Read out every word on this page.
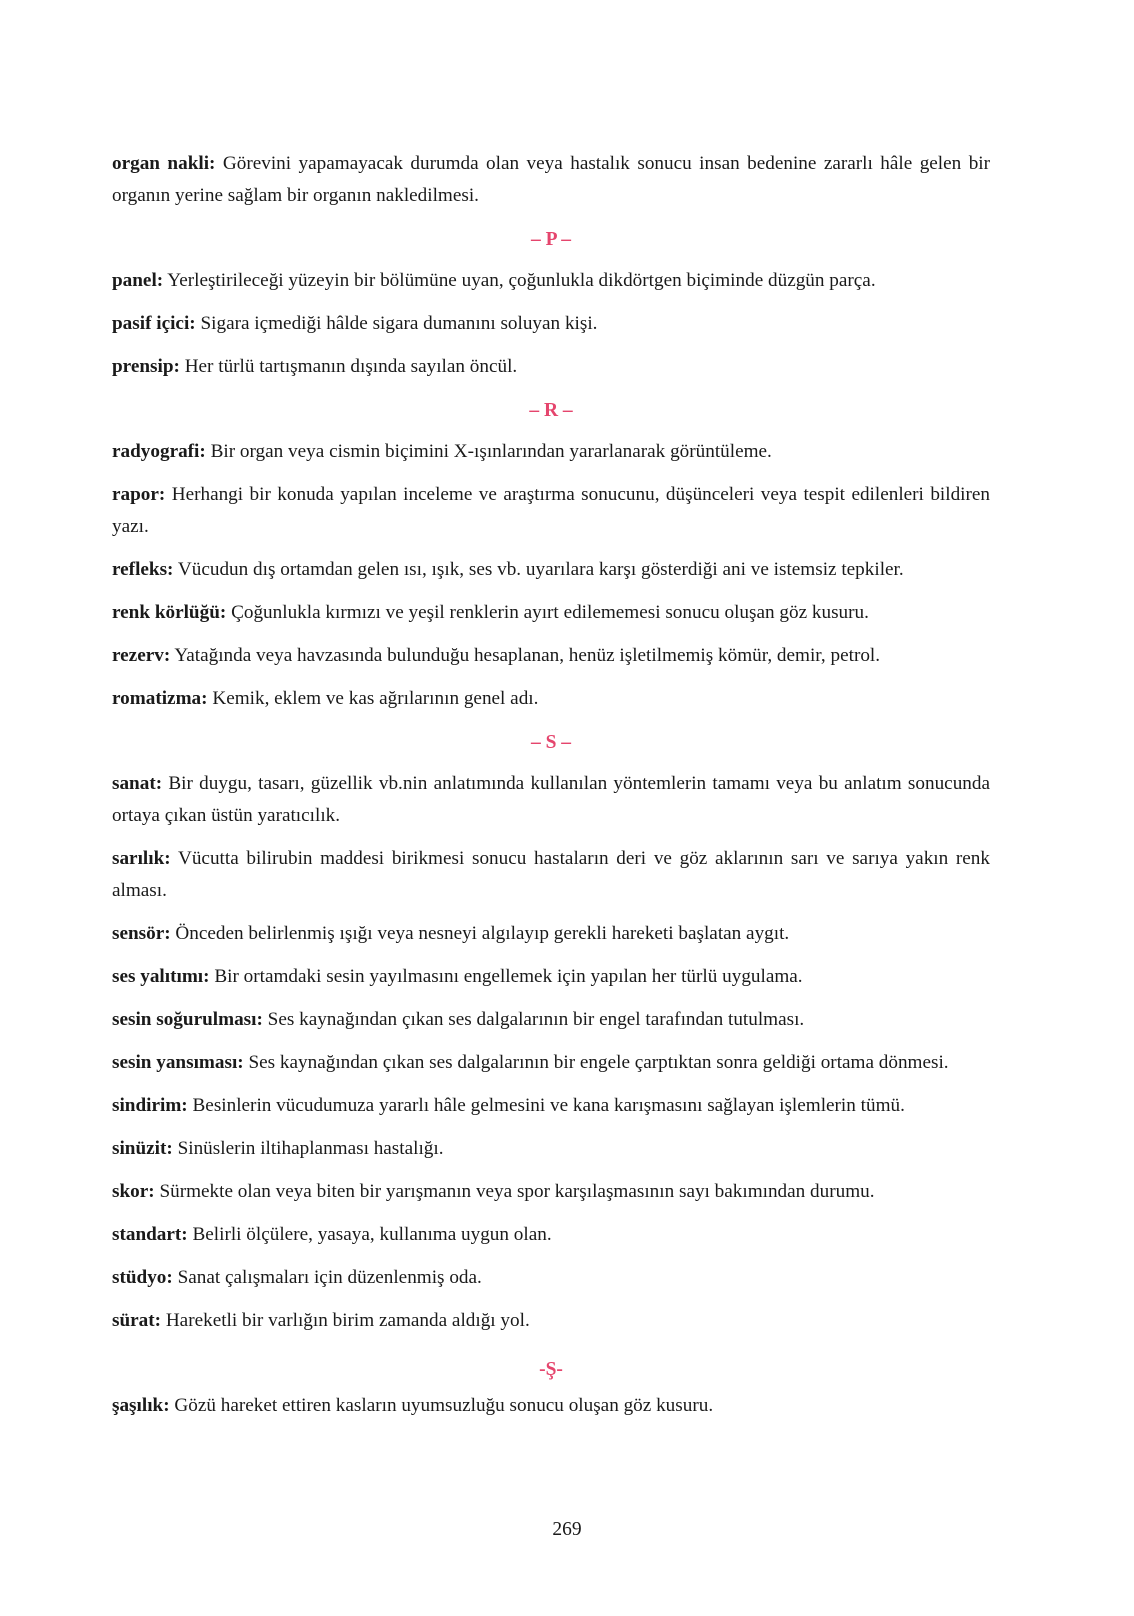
organ nakli: Görevini yapamayacak durumda olan veya hastalık sonucu insan bedenine zararlı hâle gelen bir organın yerine sağlam bir organın nakledilmesi.

– P –

panel: Yerleştirileceği yüzeyin bir bölümüne uyan, çoğunlukla dikdörtgen biçiminde düzgün parça.

pasif içici: Sigara içmediği hâlde sigara dumanını soluyan kişi.

prensip: Her türlü tartışmanın dışında sayılan öncül.

– R –

radyografi: Bir organ veya cismin biçimini X-ışınlarından yararlanarak görüntüleme.

rapor: Herhangi bir konuda yapılan inceleme ve araştırma sonucunu, düşünceleri veya tespit edilenleri bildiren yazı.

refleks: Vücudun dış ortamdan gelen ısı, ışık, ses vb. uyarılara karşı gösterdiği ani ve istemsiz tepkiler.

renk körlüğü: Çoğunlukla kırmızı ve yeşil renklerin ayırt edilememesi sonucu oluşan göz kusuru.

rezerv: Yatağında veya havzasında bulunduğu hesaplanan, henüz işletilmemiş kömür, demir, petrol.

romatizma: Kemik, eklem ve kas ağrılarının genel adı.

– S –

sanat: Bir duygu, tasarı, güzellik vb.nin anlatımında kullanılan yöntemlerin tamamı veya bu anlatım sonucunda ortaya çıkan üstün yaratıcılık.

sarılık: Vücutta bilirubin maddesi birikmesi sonucu hastaların deri ve göz aklarının sarı ve sarıya yakın renk alması.

sensör: Önceden belirlenmiş ışığı veya nesneyi algılayıp gerekli hareketi başlatan aygıt.

ses yalıtımı: Bir ortamdaki sesin yayılmasını engellemek için yapılan her türlü uygulama.

sesin soğurulması: Ses kaynağından çıkan ses dalgalarının bir engel tarafından tutulması.

sesin yansıması: Ses kaynağından çıkan ses dalgalarının bir engele çarptıktan sonra geldiği ortama dönmesi.

sindirim: Besinlerin vücudumuza yararlı hâle gelmesini ve kana karışmasını sağlayan işlemlerin tümü.

sinüzit: Sinüslerin iltihaplanması hastalığı.

skor: Sürmekte olan veya biten bir yarışmanın veya spor karşılaşmasının sayı bakımından durumu.

standart: Belirli ölçülere, yasaya, kullanıma uygun olan.

stüdyo: Sanat çalışmaları için düzenlenmiş oda.

sürat: Hareketli bir varlığın birim zamanda aldığı yol.

-Ş-

şaşılık: Gözü hareket ettiren kasların uyumsuzluğu sonucu oluşan göz kusuru.

269
